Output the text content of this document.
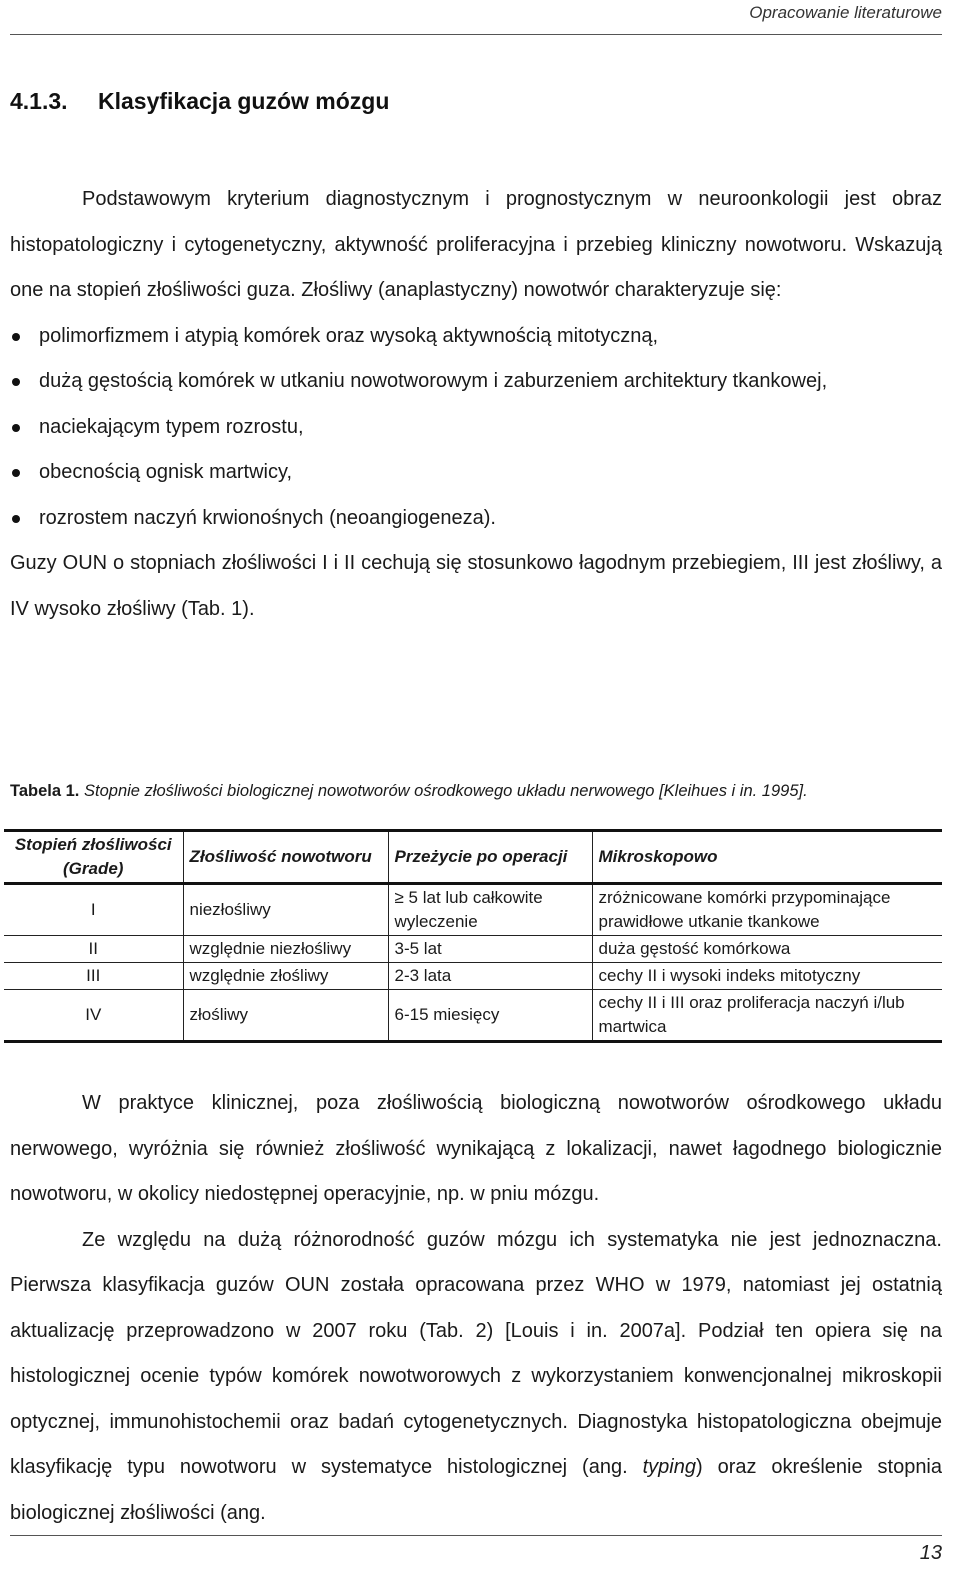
Opracowanie literaturowe
4.1.3. Klasyfikacja guzów mózgu

Podstawowym kryterium diagnostycznym i prognostycznym w neuroonkologii jest obraz histopatologiczny i cytogenetyczny, aktywność proliferacyjna i przebieg kliniczny nowotworu. Wskazują one na stopień złośliwości guza. Złośliwy (anaplastyczny) nowotwór charakteryzuje się:

polimorfizmem i atypią komórek oraz wysoką aktywnością mitotyczną,
dużą gęstością komórek w utkaniu nowotworowym i zaburzeniem architektury tkankowej,
naciekającym typem rozrostu,
obecnością ognisk martwicy,
rozrostem naczyń krwionośnych (neoangiogeneza).

Guzy OUN o stopniach złośliwości I i II cechują się stosunkowo łagodnym przebiegiem, III jest złośliwy, a IV wysoko złośliwy (Tab. 1).

Tabela 1. Stopnie złośliwości biologicznej nowotworów ośrodkowego układu nerwowego [Kleihues i in. 1995].
Stopień złośliwości (Grade)	Złośliwość nowotworu	Przeżycie po operacji	Mikroskopowo
I	niezłośliwy	≥ 5 lat lub całkowite wyleczenie	zróżnicowane komórki przypominające prawidłowe utkanie tkankowe
II	względnie niezłośliwy	3-5 lat	duża gęstość komórkowa
III	względnie złośliwy	2-3 lata	cechy II i wysoki indeks mitotyczny
IV	złośliwy	6-15 miesięcy	cechy II i III oraz proliferacja naczyń i/lub martwica

W praktyce klinicznej, poza złośliwością biologiczną nowotworów ośrodkowego układu nerwowego, wyróżnia się również złośliwość wynikającą z lokalizacji, nawet łagodnego biologicznie nowotworu, w okolicy niedostępnej operacyjnie, np. w pniu mózgu.

Ze względu na dużą różnorodność guzów mózgu ich systematyka nie jest jednoznaczna. Pierwsza klasyfikacja guzów OUN została opracowana przez WHO w 1979, natomiast jej ostatnią aktualizację przeprowadzono w 2007 roku (Tab. 2) [Louis i in. 2007a]. Podział ten opiera się na histologicznej ocenie typów komórek nowotworowych z wykorzystaniem konwencjonalnej mikroskopii optycznej, immunohistochemii oraz badań cytogenetycznych. Diagnostyka histopatologiczna obejmuje klasyfikację typu nowotworu w systematyce histologicznej (ang. typing) oraz określenie stopnia biologicznej złośliwości (ang.

13
